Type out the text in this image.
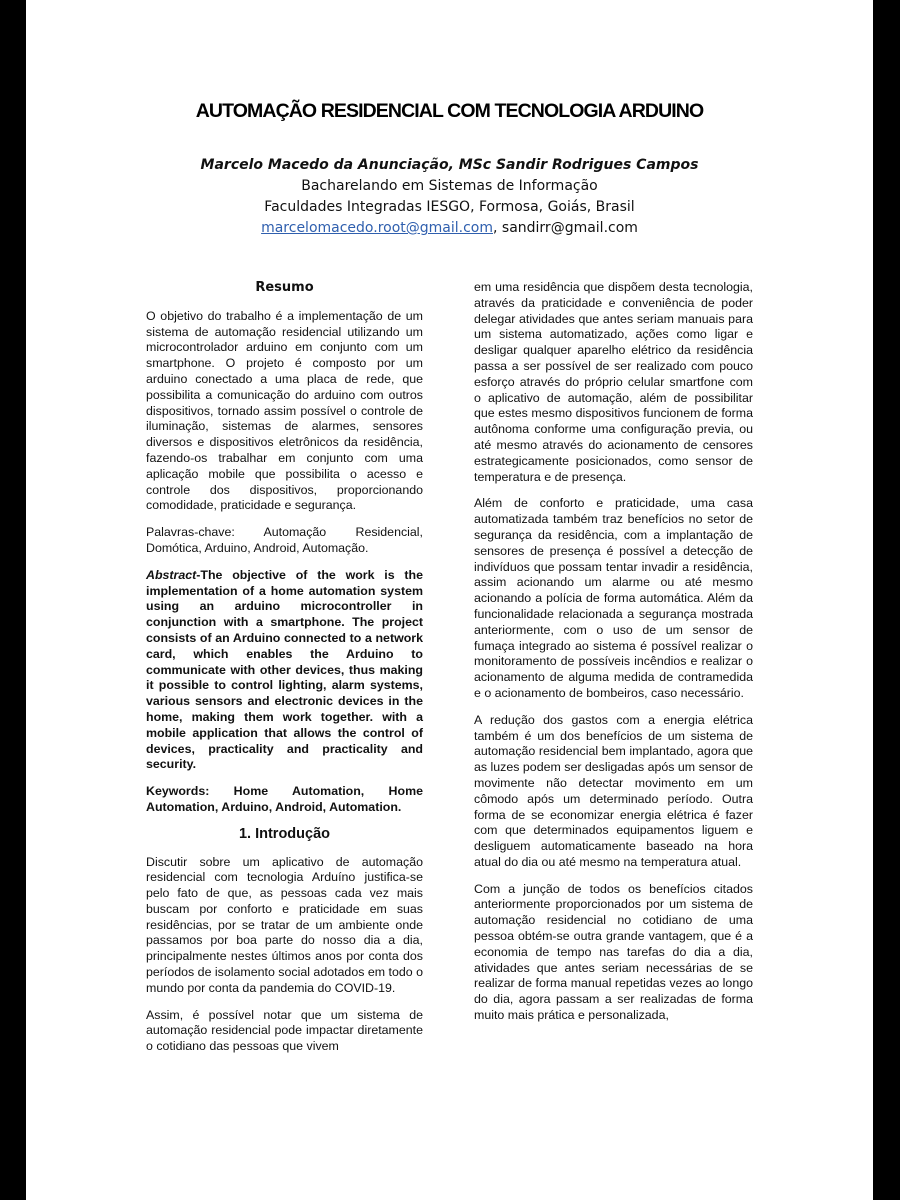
AUTOMAÇÃO RESIDENCIAL COM TECNOLOGIA ARDUINO
Marcelo Macedo da Anunciação, MSc Sandir Rodrigues Campos
Bacharelando em Sistemas de Informação
Faculdades Integradas IESGO, Formosa, Goiás, Brasil
marcelomacedo.root@gmail.com, sandirr@gmail.com
Resumo

O objetivo do trabalho é a implementação de um sistema de automação residencial utilizando um microcontrolador arduino em conjunto com um smartphone. O projeto é composto por um arduino conectado a uma placa de rede, que possibilita a comunicação do arduino com outros dispositivos, tornado assim possível o controle de iluminação, sistemas de alarmes, sensores diversos e dispositivos eletrônicos da residência, fazendo-os trabalhar em conjunto com uma aplicação mobile que possibilita o acesso e controle dos dispositivos, proporcionando comodidade, praticidade e segurança.

Palavras-chave: Automação Residencial, Domótica, Arduino, Android, Automação.

Abstract-The objective of the work is the implementation of a home automation system using an arduino microcontroller in conjunction with a smartphone. The project consists of an Arduino connected to a network card, which enables the Arduino to communicate with other devices, thus making it possible to control lighting, alarm systems, various sensors and electronic devices in the home, making them work together. with a mobile application that allows the control of devices, practicality and practicality and security.

Keywords: Home Automation, Home Automation, Arduino, Android, Automation.

1. Introdução

Discutir sobre um aplicativo de automação residencial com tecnologia Arduíno justifica-se pelo fato de que, as pessoas cada vez mais buscam por conforto e praticidade em suas residências, por se tratar de um ambiente onde passamos por boa parte do nosso dia a dia, principalmente nestes últimos anos por conta dos períodos de isolamento social adotados em todo o mundo por conta da pandemia do COVID-19.

Assim, é possível notar que um sistema de automação residencial pode impactar diretamente o cotidiano das pessoas que vivem

em uma residência que dispõem desta tecnologia, através da praticidade e conveniência de poder delegar atividades que antes seriam manuais para um sistema automatizado, ações como ligar e desligar qualquer aparelho elétrico da residência passa a ser possível de ser realizado com pouco esforço através do próprio celular smartfone com o aplicativo de automação, além de possibilitar que estes mesmo dispositivos funcionem de forma autônoma conforme uma configuração previa, ou até mesmo através do acionamento de censores estrategicamente posicionados, como sensor de temperatura e de presença.

Além de conforto e praticidade, uma casa automatizada também traz benefícios no setor de segurança da residência, com a implantação de sensores de presença é possível a detecção de indivíduos que possam tentar invadir a residência, assim acionando um alarme ou até mesmo acionando a polícia de forma automática. Além da funcionalidade relacionada a segurança mostrada anteriormente, com o uso de um sensor de fumaça integrado ao sistema é possível realizar o monitoramento de possíveis incêndios e realizar o acionamento de alguma medida de contramedida e o acionamento de bombeiros, caso necessário.

A redução dos gastos com a energia elétrica também é um dos benefícios de um sistema de automação residencial bem implantado, agora que as luzes podem ser desligadas após um sensor de movimente não detectar movimento em um cômodo após um determinado período. Outra forma de se economizar energia elétrica é fazer com que determinados equipamentos liguem e desliguem automaticamente baseado na hora atual do dia ou até mesmo na temperatura atual.

Com a junção de todos os benefícios citados anteriormente proporcionados por um sistema de automação residencial no cotidiano de uma pessoa obtém-se outra grande vantagem, que é a economia de tempo nas tarefas do dia a dia, atividades que antes seriam necessárias de se realizar de forma manual repetidas vezes ao longo do dia, agora passam a ser realizadas de forma muito mais prática e personalizada,
